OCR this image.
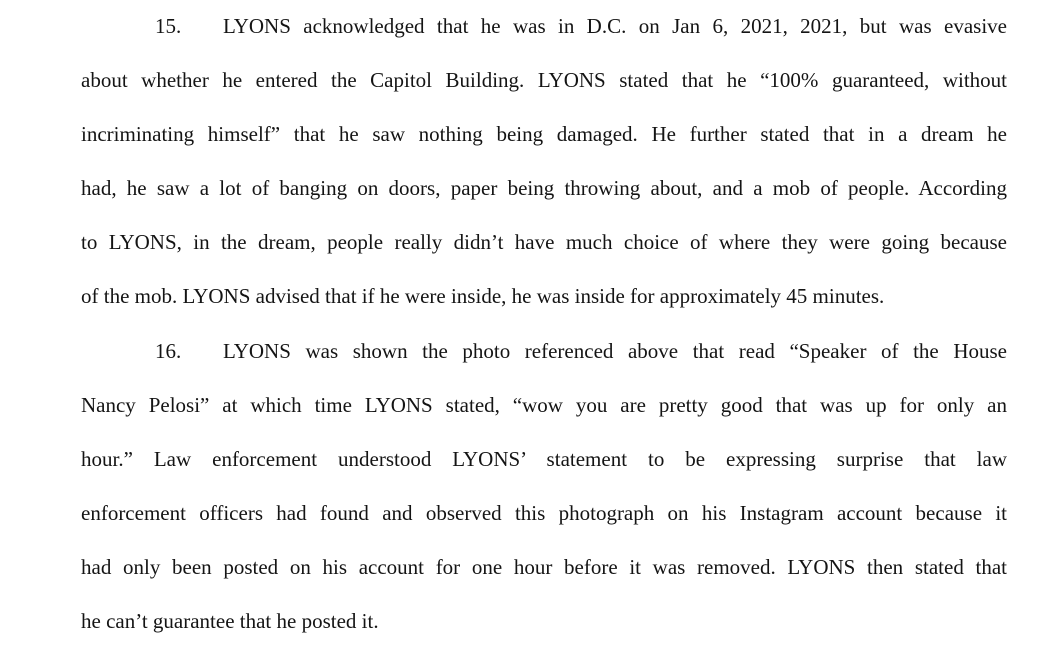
15. LYONS acknowledged that he was in D.C. on Jan 6, 2021, 2021, but was evasive
about whether he entered the Capitol Building. LYONS stated that he “100% guaranteed, without
incriminating himself” that he saw nothing being damaged. He further stated that in a dream he
had, he saw a lot of banging on doors, paper being throwing about, and a mob of people. According
to LYONS, in the dream, people really didn’t have much choice of where they were going because
of the mob. LYONS advised that if he were inside, he was inside for approximately 45 minutes.
16. LYONS was shown the photo referenced above that read “Speaker of the House
Nancy Pelosi” at which time LYONS stated, “wow you are pretty good that was up for only an
hour.” Law enforcement understood LYONS’ statement to be expressing surprise that law
enforcement officers had found and observed this photograph on his Instagram account because it
had only been posted on his account for one hour before it was removed. LYONS then stated that
he can’t guarantee that he posted it.
